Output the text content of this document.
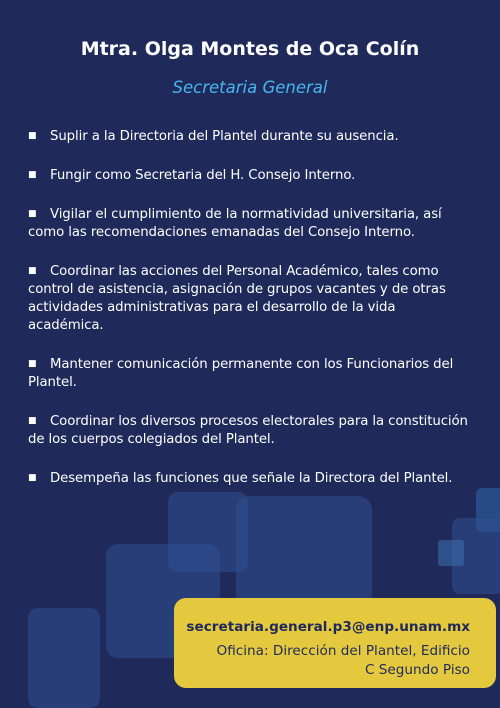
Mtra. Olga Montes de Oca Colín
Secretaria General
■ Suplir a la Directoria del Plantel durante su ausencia.
■ Fungir como Secretaria del H. Consejo Interno.
■ Vigilar el cumplimiento de la normatividad universitaria, así como las recomendaciones emanadas del Consejo Interno.
■ Coordinar las acciones del Personal Académico, tales como control de asistencia, asignación de grupos vacantes y de otras actividades administrativas para el desarrollo de la vida académica.
■ Mantener comunicación permanente con los Funcionarios del Plantel.
■ Coordinar los diversos procesos electorales para la constitución de los cuerpos colegiados del Plantel.
■ Desempeña las funciones que señale la Directora del Plantel.
secretaria.general.p3@enp.unam.mx
Oficina: Dirección del Plantel, Edificio
C Segundo Piso
